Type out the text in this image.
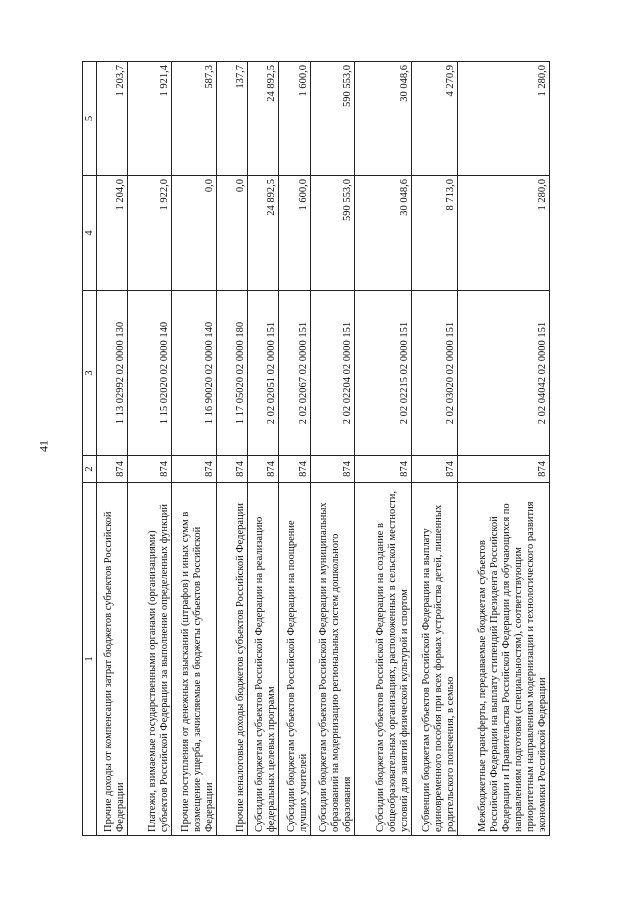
41
1	2	3	4	5
Прочие доходы от компенсации затрат бюджетов субъектов Российской Федерации	874	1 13 02992 02 0000 130	1 204,0	1 203,7
Платежи, взимаемые государственными органами (организациями) субъектов Российской Федерации за выполнение определенных функций	874	1 15 02020 02 0000 140	1 922,0	1 921,4
Прочие поступления от денежных взысканий (штрафов) и иных сумм в возмещение ущерба, зачисляемые в бюджеты субъектов Российской Федерации	874	1 16 90020 02 0000 140	0,0	587,3
Прочие неналоговые доходы бюджетов субъектов Российской Федерации	874	1 17 05020 02 0000 180	0,0	137,7
Субсидии бюджетам субъектов Российской Федерации на реализацию федеральных целевых программ	874	2 02 02051 02 0000 151	24 892,5	24 892,5
Субсидии бюджетам субъектов Российской Федерации на поощрение лучших учителей	874	2 02 02067 02 0000 151	1 600,0	1 600,0
Субсидии бюджетам субъектов Российской Федерации и муниципальных образований на модернизацию региональных систем дошкольного образования	874	2 02 02204 02 0000 151	590 553,0	590 553,0
Субсидии бюджетам субъектов Российской Федерации на создание в общеобразовательных организациях, расположенных в сельской местности, условий для занятий физической культурой и спортом	874	2 02 02215 02 0000 151	30 048,6	30 048,6
Субвенции бюджетам субъектов Российской Федерации на выплату единовременного пособия при всех формах устройства детей, лишенных родительского попечения, в семью	874	2 02 03020 02 0000 151	8 713,0	4 270,9
Межбюджетные трансферты, передаваемые бюджетам субъектов Российской Федерации на выплату стипендий Президента Российской Федерации и Правительства Российской Федерации для обучающихся по направлениям подготовки (специальностям), соответствующим приоритетным направлениям модернизации и технологического развития экономики Российской Федерации	874	2 02 04042 02 0000 151	1 280,0	1 280,0
